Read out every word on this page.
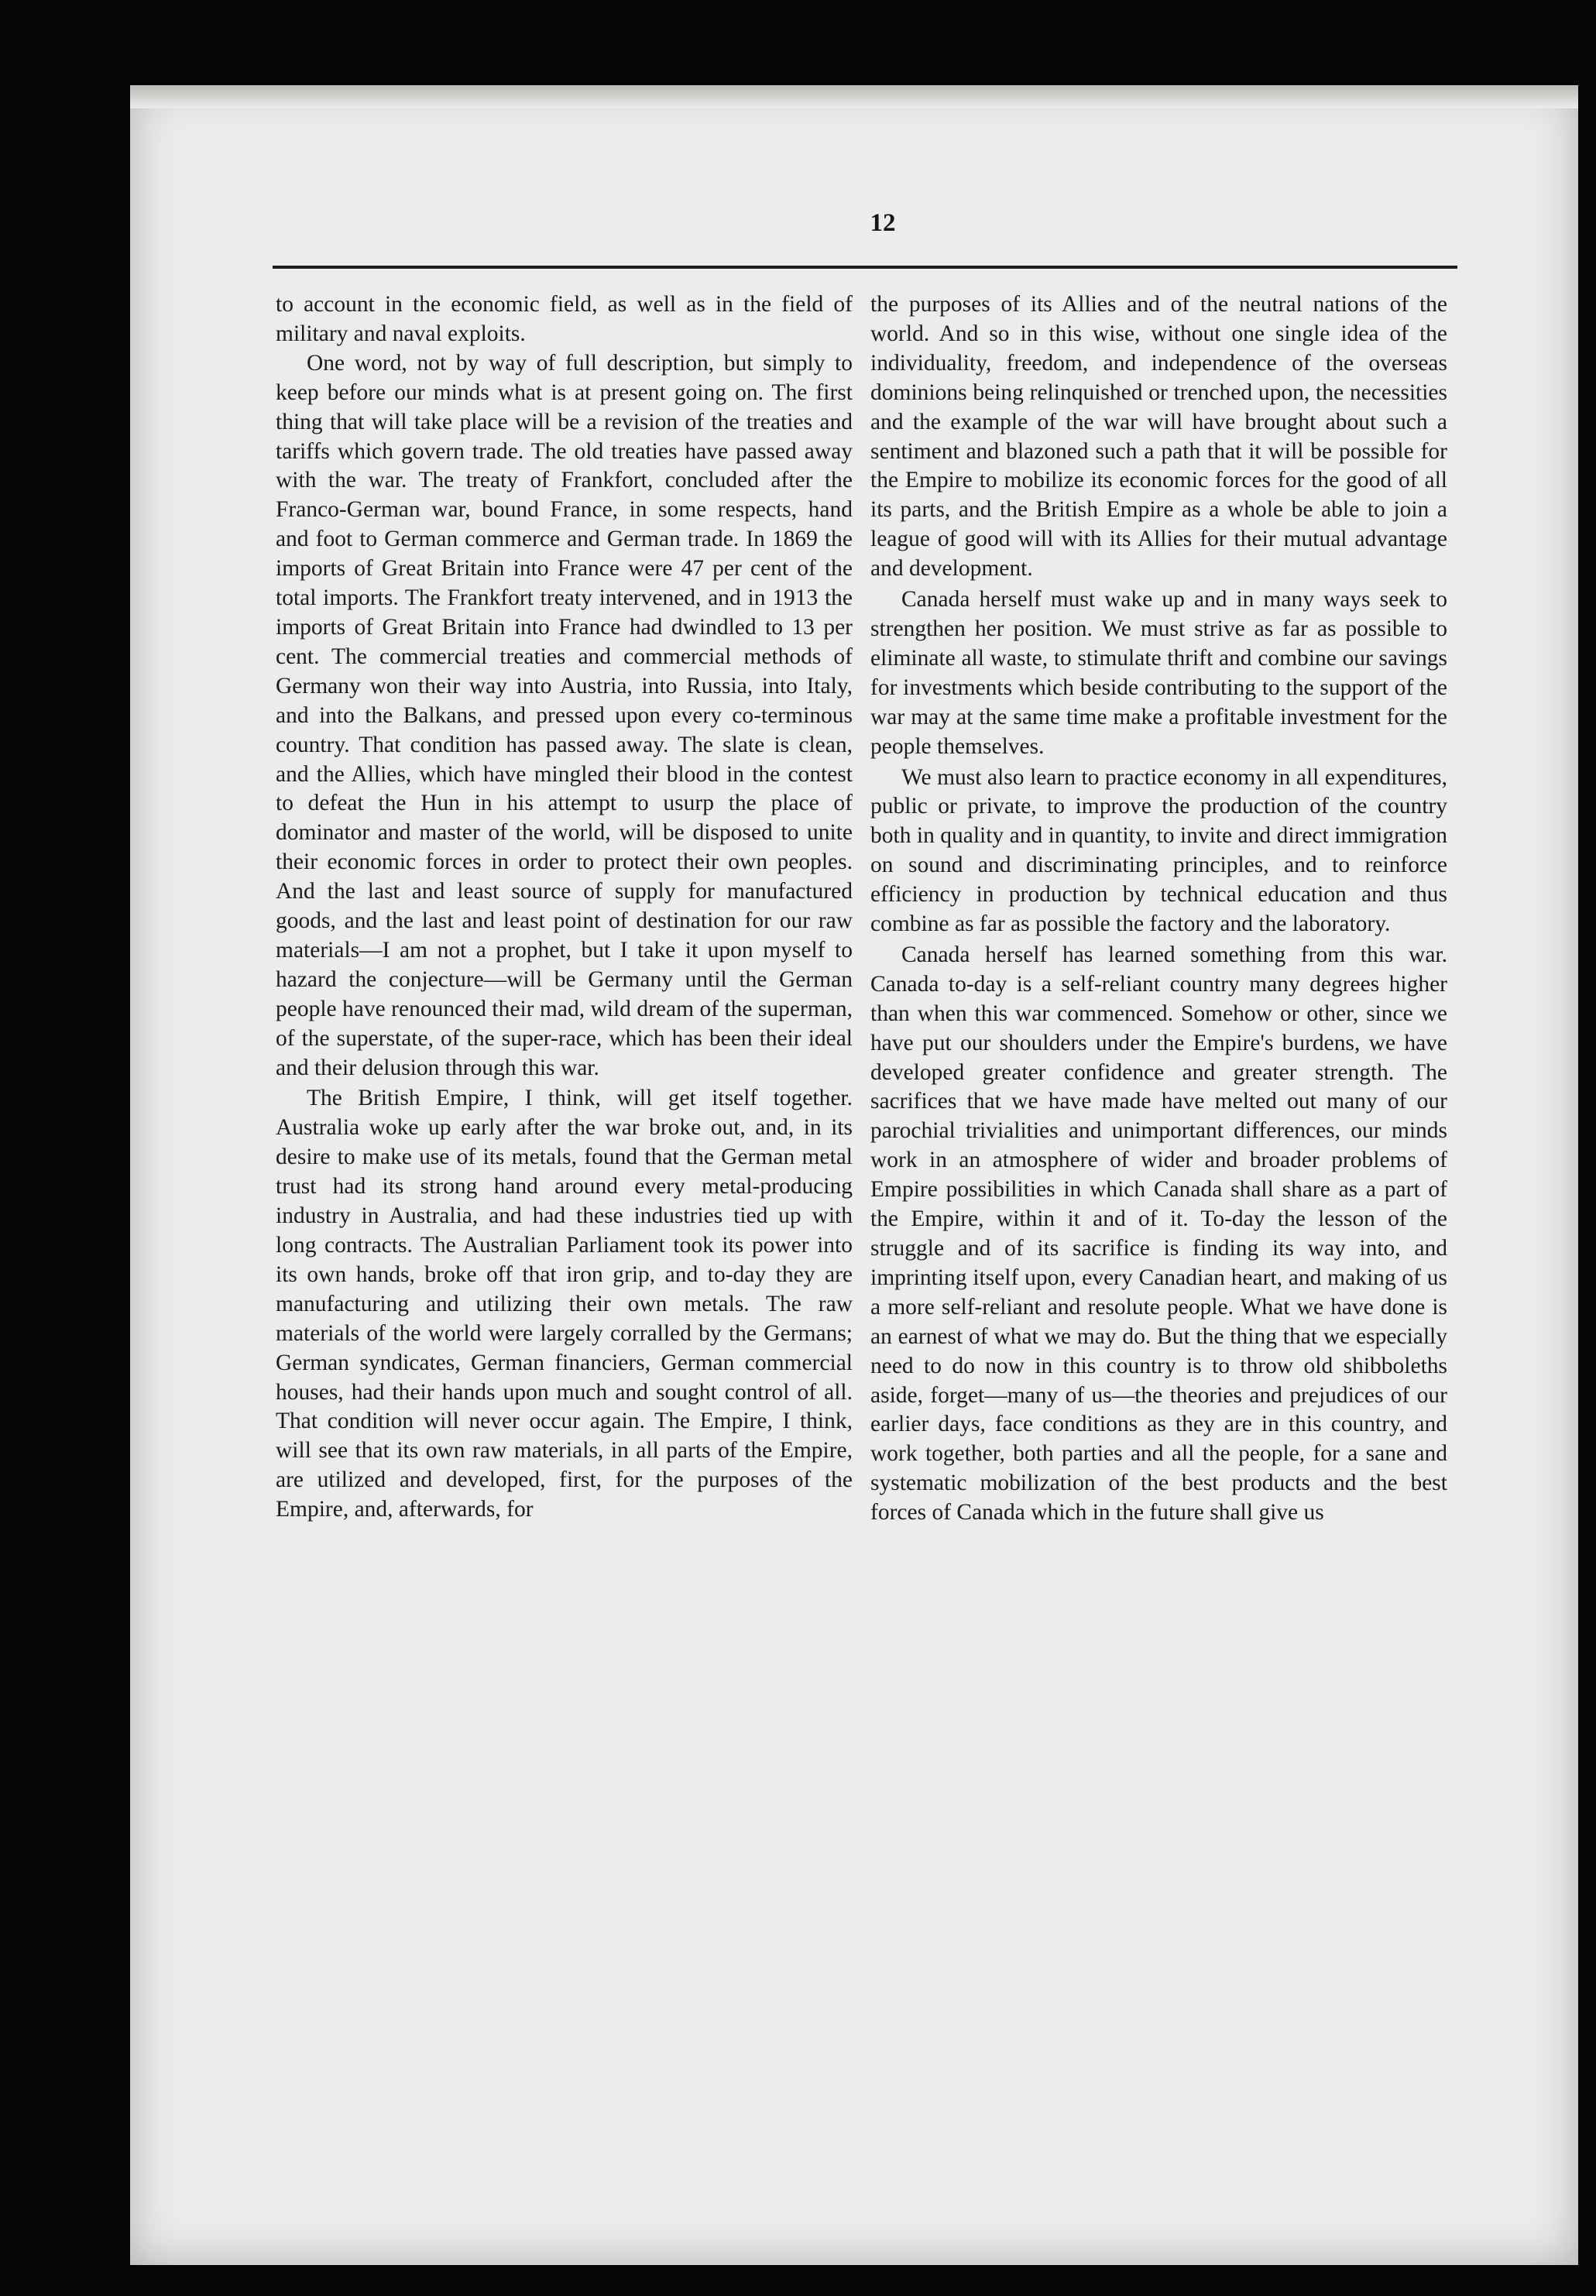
12

to account in the economic field, as well as in the field of military and naval exploits.

One word, not by way of full description, but simply to keep before our minds what is at present going on. The first thing that will take place will be a revision of the treaties and tariffs which govern trade. The old treaties have passed away with the war. The treaty of Frankfort, concluded after the Franco-German war, bound France, in some respects, hand and foot to German commerce and German trade. In 1869 the imports of Great Britain into France were 47 per cent of the total imports. The Frankfort treaty intervened, and in 1913 the imports of Great Britain into France had dwindled to 13 per cent. The commercial treaties and commercial methods of Germany won their way into Austria, into Russia, into Italy, and into the Balkans, and pressed upon every co-terminous country. That condition has passed away. The slate is clean, and the Allies, which have mingled their blood in the contest to defeat the Hun in his attempt to usurp the place of dominator and master of the world, will be disposed to unite their economic forces in order to protect their own peoples. And the last and least source of supply for manufactured goods, and the last and least point of destination for our raw materials—I am not a prophet, but I take it upon myself to hazard the conjecture—will be Germany until the German people have renounced their mad, wild dream of the superman, of the superstate, of the super-race, which has been their ideal and their delusion through this war.

The British Empire, I think, will get itself together. Australia woke up early after the war broke out, and, in its desire to make use of its metals, found that the German metal trust had its strong hand around every metal-producing industry in Australia, and had these industries tied up with long contracts. The Australian Parliament took its power into its own hands, broke off that iron grip, and to-day they are manufacturing and utilizing their own metals. The raw materials of the world were largely corralled by the Germans; German syndicates, German financiers, German commercial houses, had their hands upon much and sought control of all. That condition will never occur again. The Empire, I think, will see that its own raw materials, in all parts of the Empire, are utilized and developed, first, for the purposes of the Empire, and, afterwards, for

the purposes of its Allies and of the neutral nations of the world. And so in this wise, without one single idea of the individuality, freedom, and independence of the overseas dominions being relinquished or trenched upon, the necessities and the example of the war will have brought about such a sentiment and blazoned such a path that it will be possible for the Empire to mobilize its economic forces for the good of all its parts, and the British Empire as a whole be able to join a league of good will with its Allies for their mutual advantage and development.

Canada herself must wake up and in many ways seek to strengthen her position. We must strive as far as possible to eliminate all waste, to stimulate thrift and combine our savings for investments which beside contributing to the support of the war may at the same time make a profitable investment for the people themselves.

We must also learn to practice economy in all expenditures, public or private, to improve the production of the country both in quality and in quantity, to invite and direct immigration on sound and discriminating principles, and to reinforce efficiency in production by technical education and thus combine as far as possible the factory and the laboratory.

Canada herself has learned something from this war. Canada to-day is a self-reliant country many degrees higher than when this war commenced. Somehow or other, since we have put our shoulders under the Empire's burdens, we have developed greater confidence and greater strength. The sacrifices that we have made have melted out many of our parochial trivialities and unimportant differences, our minds work in an atmosphere of wider and broader problems of Empire possibilities in which Canada shall share as a part of the Empire, within it and of it. To-day the lesson of the struggle and of its sacrifice is finding its way into, and imprinting itself upon, every Canadian heart, and making of us a more self-reliant and resolute people. What we have done is an earnest of what we may do. But the thing that we especially need to do now in this country is to throw old shibboleths aside, forget—many of us—the theories and prejudices of our earlier days, face conditions as they are in this country, and work together, both parties and all the people, for a sane and systematic mobilization of the best products and the best forces of Canada which in the future shall give us
